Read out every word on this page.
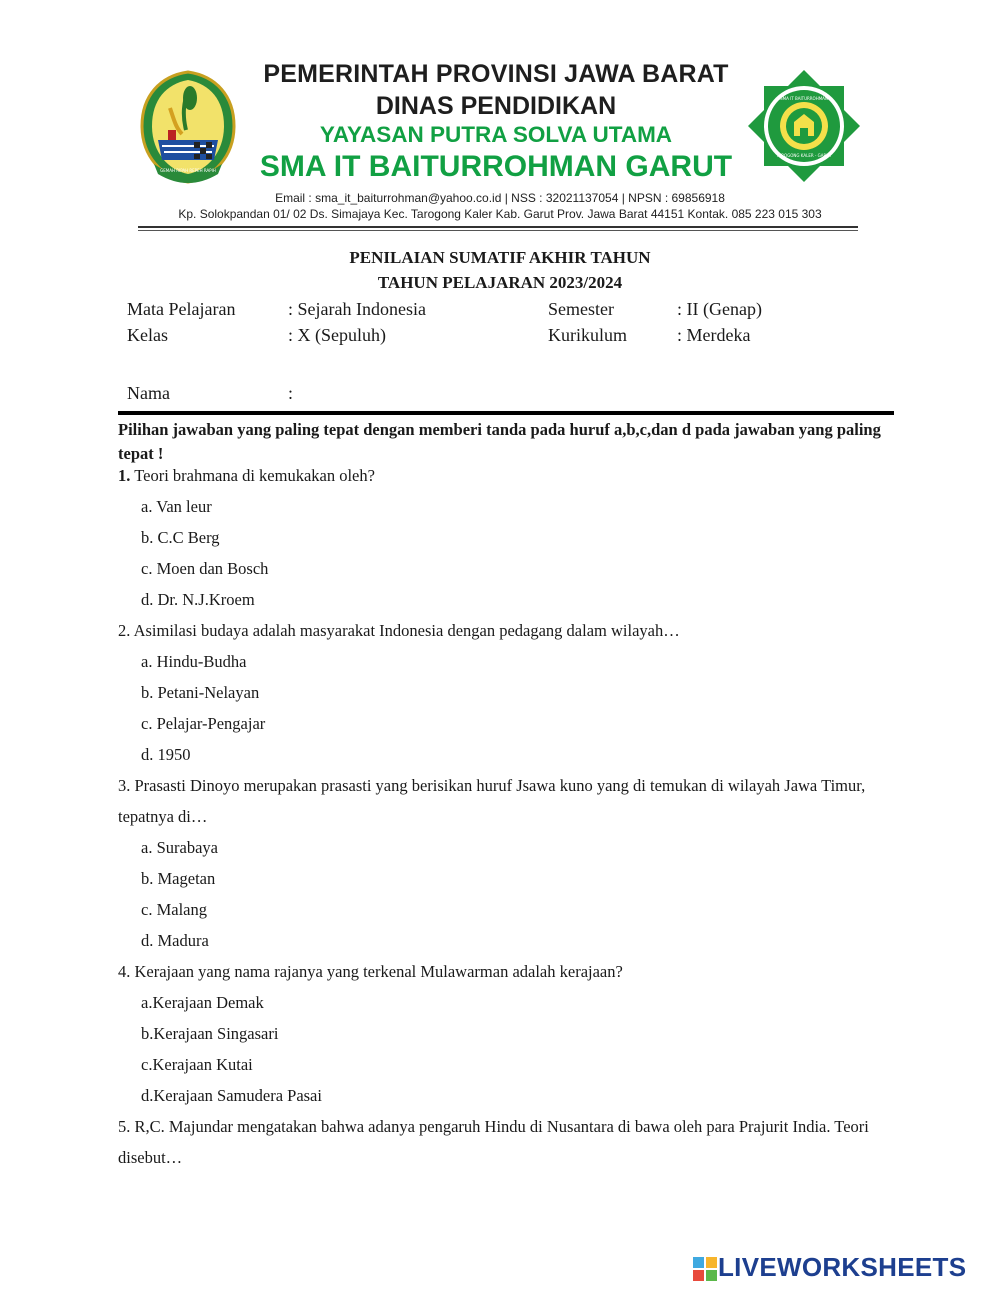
GEMAH RIPAH REPEH RAPIH
SMA IT BAITURROHMAN
TAROGONG KALER - GARUT
PEMERINTAH PROVINSI JAWA BARAT
DINAS PENDIDIKAN
YAYASAN PUTRA SOLVA UTAMA
SMA IT BAITURROHMAN GARUT
Email : sma_it_baiturrohman@yahoo.co.id | NSS : 32021137054 | NPSN : 69856918
Kp. Solokpandan 01/ 02 Ds. Simajaya Kec. Tarogong Kaler Kab. Garut Prov. Jawa Barat 44151 Kontak. 085 223 015 303
PENILAIAN SUMATIF AKHIR TAHUN
TAHUN PELAJARAN 2023/2024
Mata Pelajaran	: Sejarah Indonesia	Semester	: II (Genap)
Kelas	: X (Sepuluh)	Kurikulum	: Merdeka
Nama	:
Pilihan jawaban yang paling tepat dengan memberi tanda pada huruf a,b,c,dan d pada jawaban yang paling tepat !
1. Teori brahmana di kemukakan oleh?
a. Van leur
b. C.C Berg
c. Moen dan Bosch
d. Dr. N.J.Kroem
2. Asimilasi budaya adalah masyarakat Indonesia dengan pedagang dalam wilayah…
a. Hindu-Budha
b. Petani-Nelayan
c. Pelajar-Pengajar
d. 1950
3. Prasasti Dinoyo merupakan prasasti yang berisikan huruf Jsawa kuno yang di temukan di wilayah Jawa Timur, tepatnya di…
a. Surabaya
b. Magetan
c. Malang
d. Madura
4. Kerajaan yang nama rajanya yang terkenal Mulawarman adalah kerajaan?
a.Kerajaan Demak
b.Kerajaan Singasari
c.Kerajaan Kutai
d.Kerajaan Samudera Pasai
5. R,C. Majundar mengatakan bahwa adanya pengaruh Hindu di Nusantara di bawa oleh para Prajurit India. Teori disebut…
LIVEWORKSHEETS
